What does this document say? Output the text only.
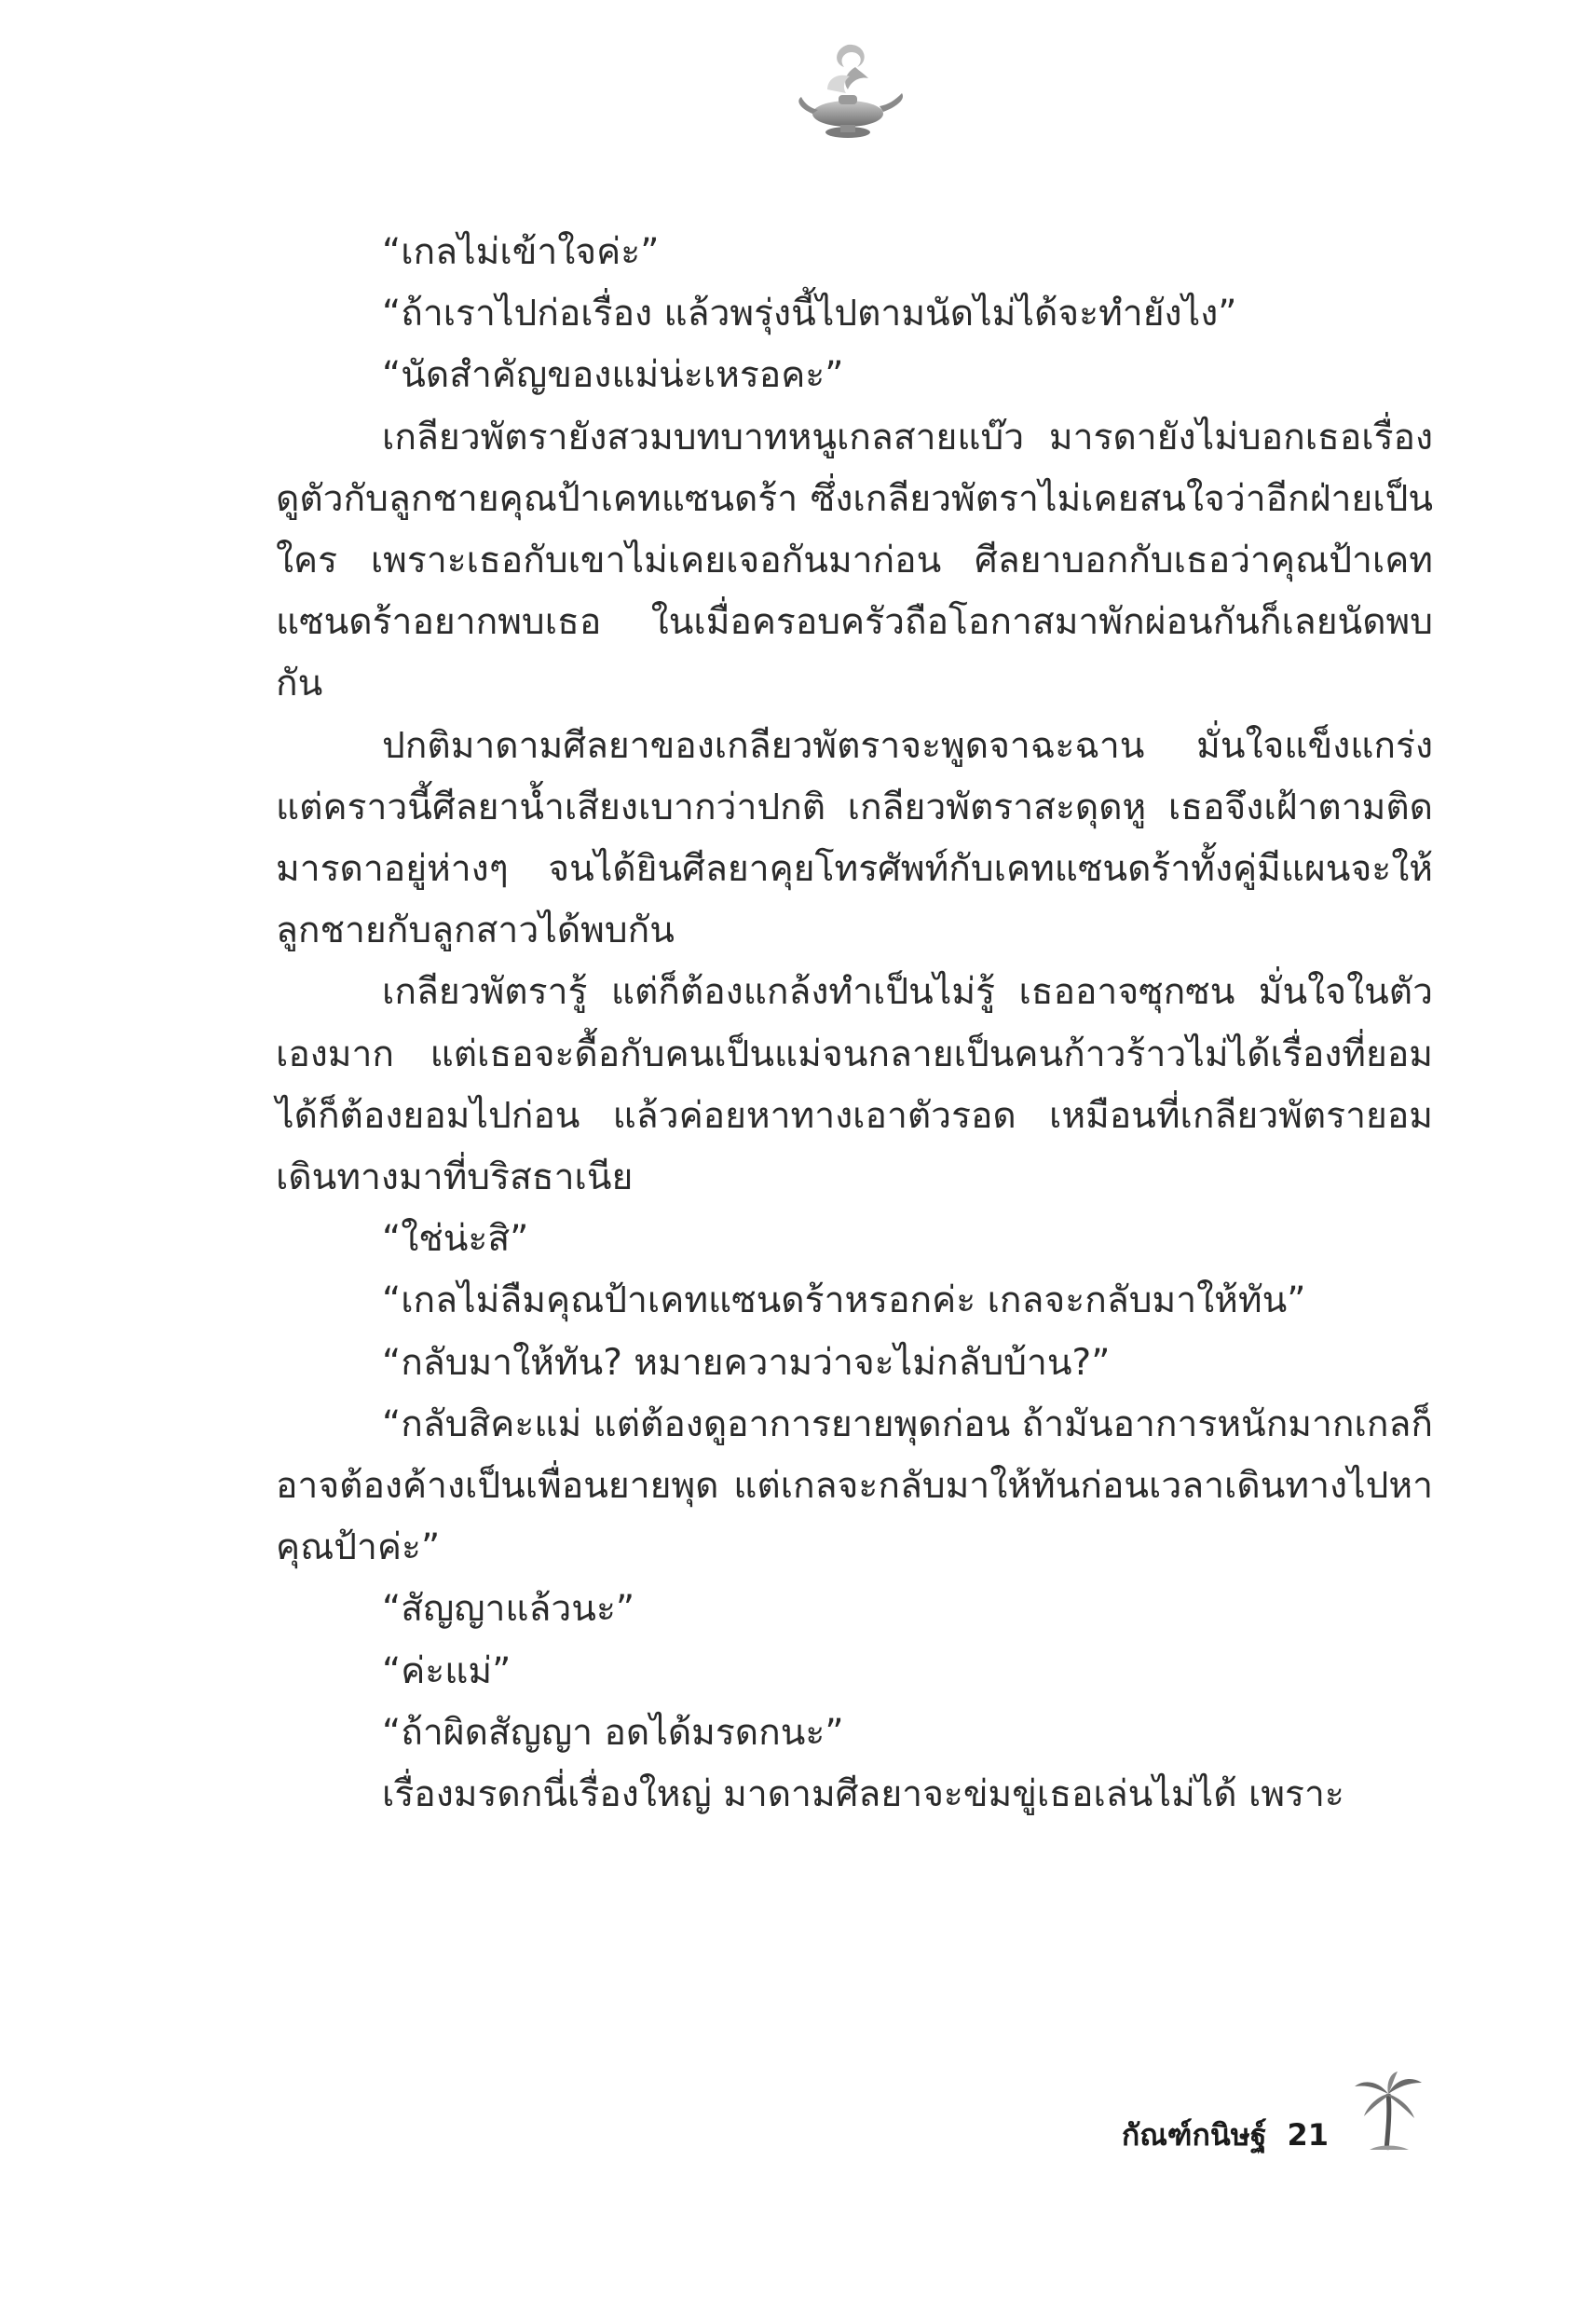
“เกลไม่เข้าใจค่ะ”

“ถ้าเราไปก่อเรื่อง แล้วพรุ่งนี้ไปตามนัดไม่ได้จะทำยังไง”

“นัดสำคัญของแม่น่ะเหรอคะ”

เกลียวพัตรายังสวมบทบาทหนูเกลสายแบ๊ว มารดายังไม่บอกเธอเรื่องดูตัวกับลูกชายคุณป้าเคทแซนดร้า ซึ่งเกลียวพัตราไม่เคยสนใจว่าอีกฝ่ายเป็นใคร เพราะเธอกับเขาไม่เคยเจอกันมาก่อน ศีลยาบอกกับเธอว่าคุณป้าเคทแซนดร้าอยากพบเธอ ในเมื่อครอบครัวถือโอกาสมาพักผ่อนกันก็เลยนัดพบกัน

ปกติมาดามศีลยาของเกลียวพัตราจะพูดจาฉะฉาน มั่นใจแข็งแกร่ง แต่คราวนี้ศีลยาน้ำเสียงเบากว่าปกติ เกลียวพัตราสะดุดหู เธอจึงเฝ้าตามติดมารดาอยู่ห่างๆ จนได้ยินศีลยาคุยโทรศัพท์กับเคทแซนดร้าทั้งคู่มีแผนจะให้ลูกชายกับลูกสาวได้พบกัน

เกลียวพัตรารู้ แต่ก็ต้องแกล้งทำเป็นไม่รู้ เธออาจซุกซน มั่นใจในตัวเองมาก แต่เธอจะดื้อกับคนเป็นแม่จนกลายเป็นคนก้าวร้าวไม่ได้เรื่องที่ยอมได้ก็ต้องยอมไปก่อน แล้วค่อยหาทางเอาตัวรอด เหมือนที่เกลียวพัตรายอมเดินทางมาที่บริสธาเนีย

“ใช่น่ะสิ”

“เกลไม่ลืมคุณป้าเคทแซนดร้าหรอกค่ะ เกลจะกลับมาให้ทัน”

“กลับมาให้ทัน? หมายความว่าจะไม่กลับบ้าน?”

“กลับสิคะแม่ แต่ต้องดูอาการยายพุดก่อน ถ้ามันอาการหนักมากเกลก็อาจต้องค้างเป็นเพื่อนยายพุด แต่เกลจะกลับมาให้ทันก่อนเวลาเดินทางไปหาคุณป้าค่ะ”

“สัญญาแล้วนะ”

“ค่ะแม่”

“ถ้าผิดสัญญา อดได้มรดกนะ”

เรื่องมรดกนี่เรื่องใหญ่ มาดามศีลยาจะข่มขู่เธอเล่นไม่ได้ เพราะ

กัณฑ์กนิษฐ์ 21
